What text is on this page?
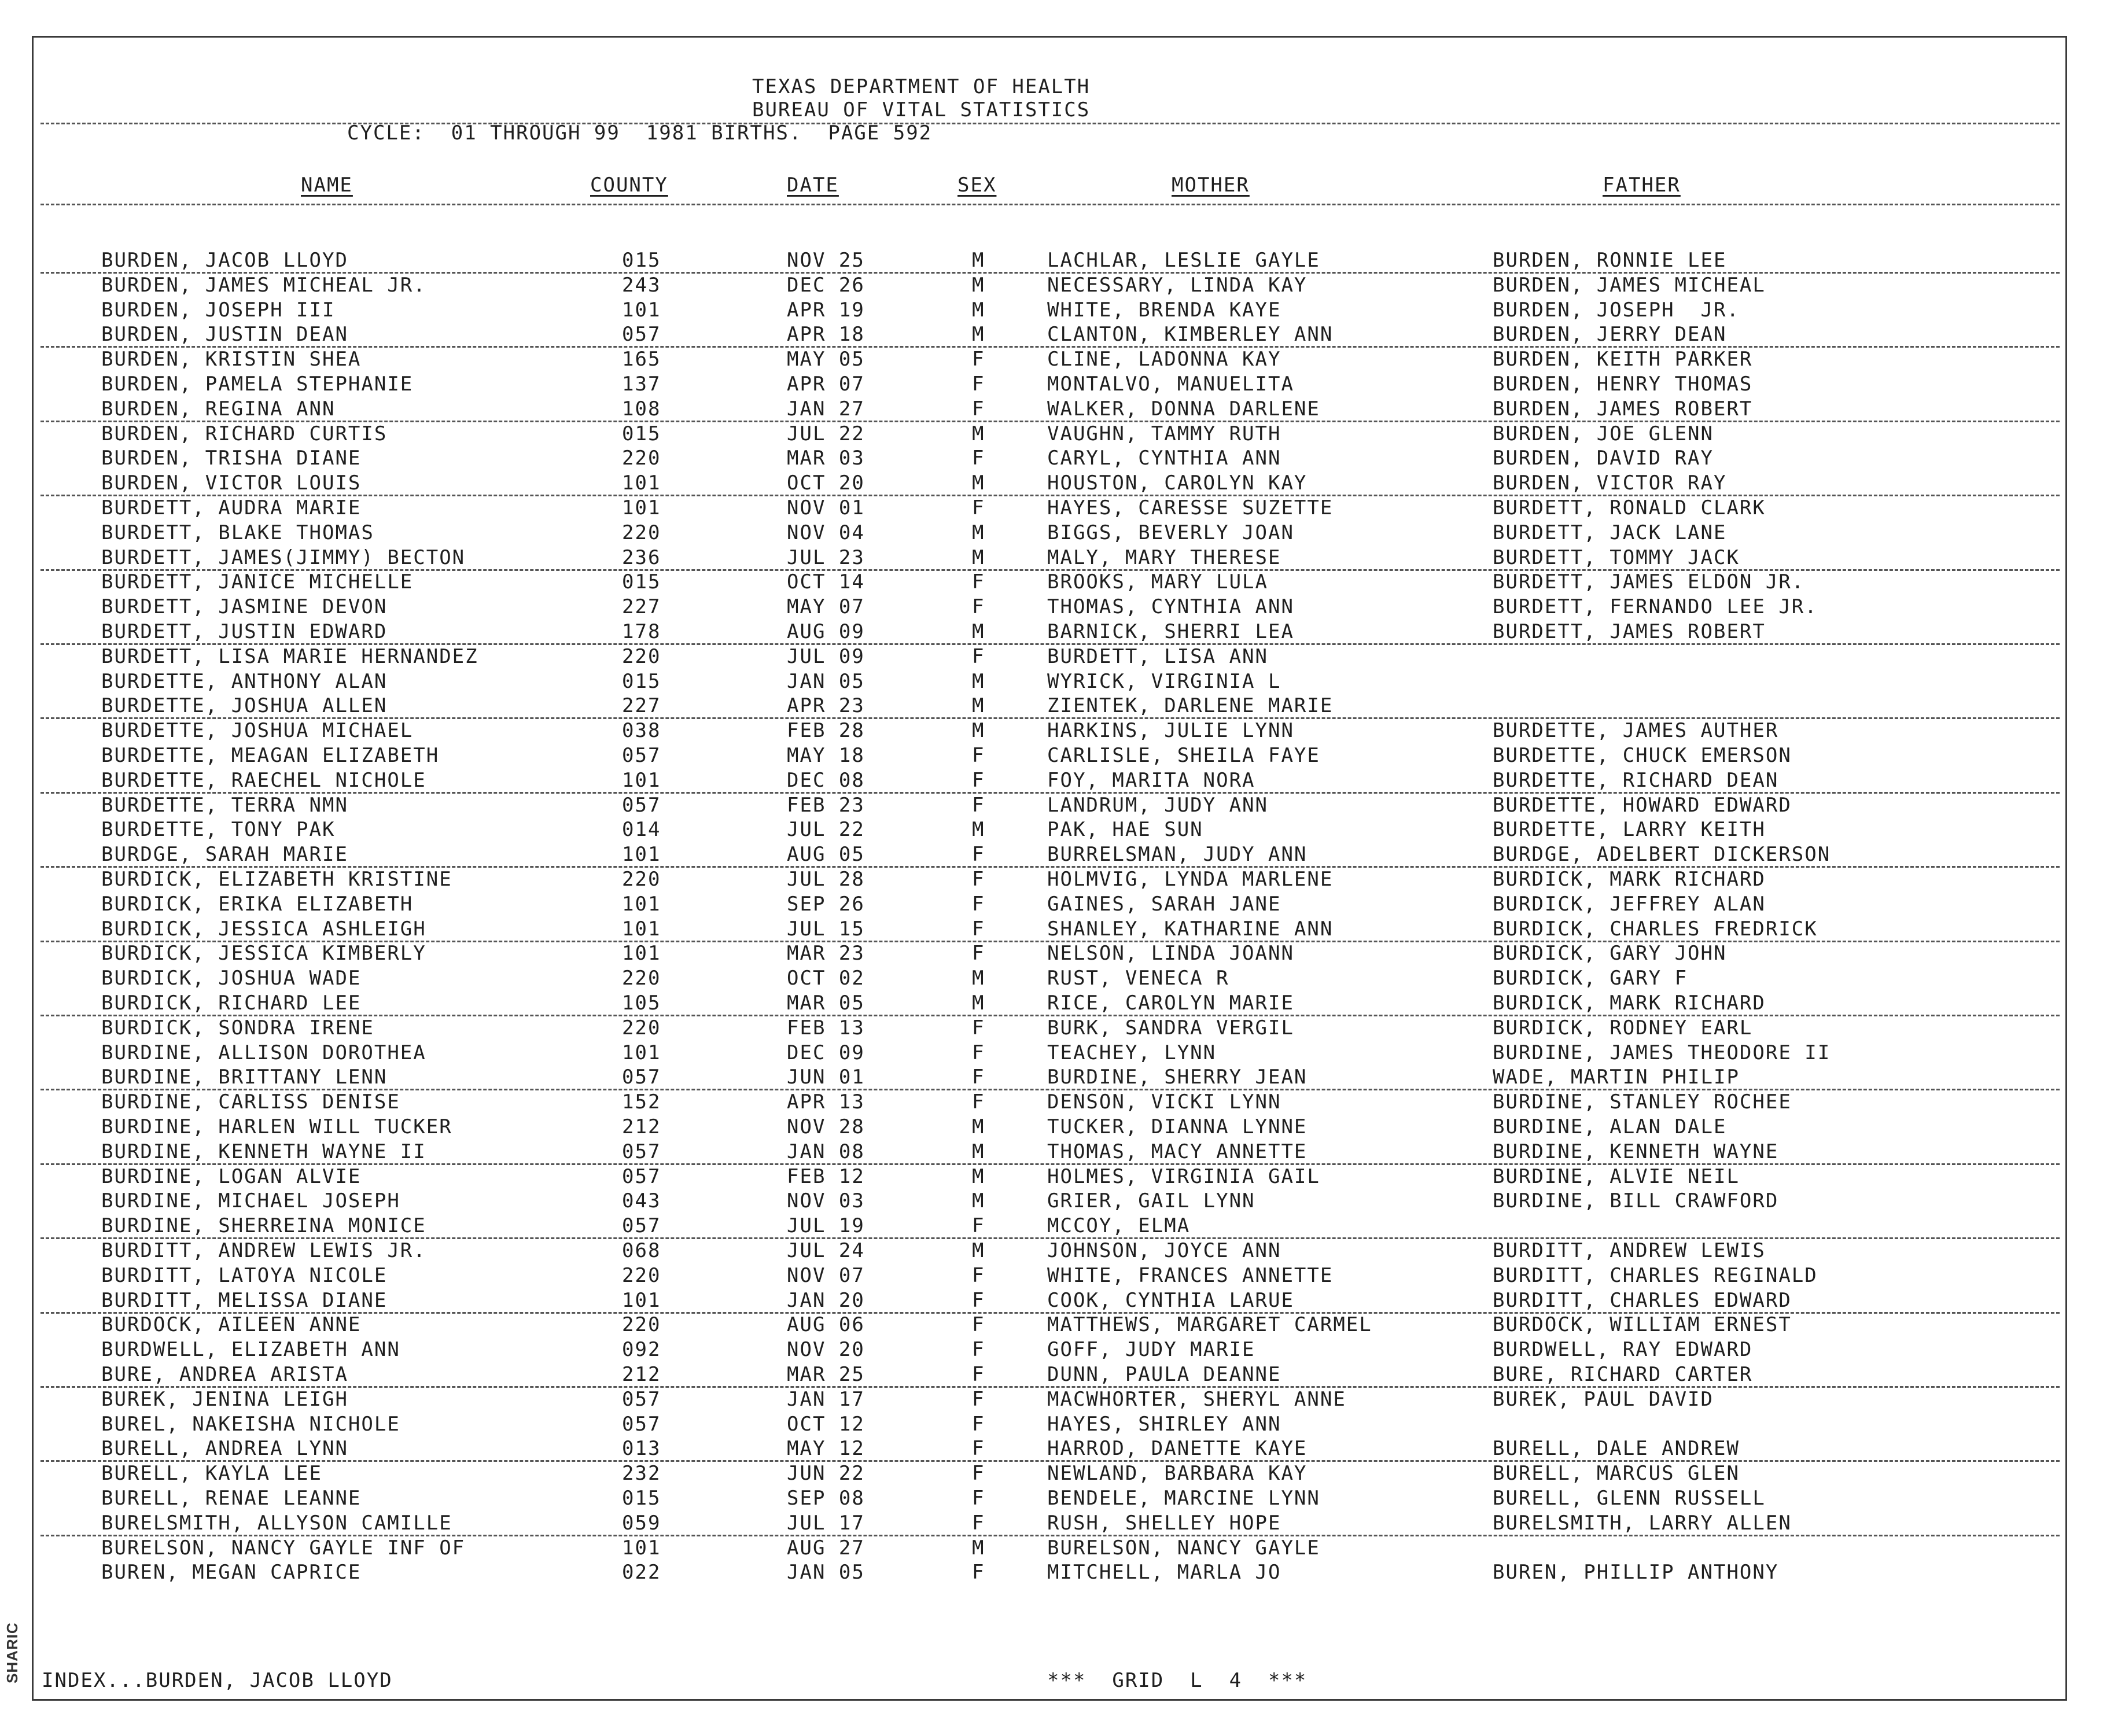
SHARIC
TEXAS DEPARTMENT OF HEALTH
BUREAU OF VITAL STATISTICS
CYCLE:  01 THROUGH 99  1981 BIRTHS.  PAGE 592
NAME	COUNTY	DATE	SEX	MOTHER	FATHER
BURDEN, JACOB LLOYD	015	NOV 25	M	LACHLAR, LESLIE GAYLE	BURDEN, RONNIE LEE
BURDEN, JAMES MICHEAL JR.	243	DEC 26	M	NECESSARY, LINDA KAY	BURDEN, JAMES MICHEAL
BURDEN, JOSEPH III	101	APR 19	M	WHITE, BRENDA KAYE	BURDEN, JOSEPH  JR.
BURDEN, JUSTIN DEAN	057	APR 18	M	CLANTON, KIMBERLEY ANN	BURDEN, JERRY DEAN
BURDEN, KRISTIN SHEA	165	MAY 05	F	CLINE, LADONNA KAY	BURDEN, KEITH PARKER
BURDEN, PAMELA STEPHANIE	137	APR 07	F	MONTALVO, MANUELITA	BURDEN, HENRY THOMAS
BURDEN, REGINA ANN	108	JAN 27	F	WALKER, DONNA DARLENE	BURDEN, JAMES ROBERT
BURDEN, RICHARD CURTIS	015	JUL 22	M	VAUGHN, TAMMY RUTH	BURDEN, JOE GLENN
BURDEN, TRISHA DIANE	220	MAR 03	F	CARYL, CYNTHIA ANN	BURDEN, DAVID RAY
BURDEN, VICTOR LOUIS	101	OCT 20	M	HOUSTON, CAROLYN KAY	BURDEN, VICTOR RAY
BURDETT, AUDRA MARIE	101	NOV 01	F	HAYES, CARESSE SUZETTE	BURDETT, RONALD CLARK
BURDETT, BLAKE THOMAS	220	NOV 04	M	BIGGS, BEVERLY JOAN	BURDETT, JACK LANE
BURDETT, JAMES(JIMMY) BECTON	236	JUL 23	M	MALY, MARY THERESE	BURDETT, TOMMY JACK
BURDETT, JANICE MICHELLE	015	OCT 14	F	BROOKS, MARY LULA	BURDETT, JAMES ELDON JR.
BURDETT, JASMINE DEVON	227	MAY 07	F	THOMAS, CYNTHIA ANN	BURDETT, FERNANDO LEE JR.
BURDETT, JUSTIN EDWARD	178	AUG 09	M	BARNICK, SHERRI LEA	BURDETT, JAMES ROBERT
BURDETT, LISA MARIE HERNANDEZ	220	JUL 09	F	BURDETT, LISA ANN
BURDETTE, ANTHONY ALAN	015	JAN 05	M	WYRICK, VIRGINIA L
BURDETTE, JOSHUA ALLEN	227	APR 23	M	ZIENTEK, DARLENE MARIE
BURDETTE, JOSHUA MICHAEL	038	FEB 28	M	HARKINS, JULIE LYNN	BURDETTE, JAMES AUTHER
BURDETTE, MEAGAN ELIZABETH	057	MAY 18	F	CARLISLE, SHEILA FAYE	BURDETTE, CHUCK EMERSON
BURDETTE, RAECHEL NICHOLE	101	DEC 08	F	FOY, MARITA NORA	BURDETTE, RICHARD DEAN
BURDETTE, TERRA NMN	057	FEB 23	F	LANDRUM, JUDY ANN	BURDETTE, HOWARD EDWARD
BURDETTE, TONY PAK	014	JUL 22	M	PAK, HAE SUN	BURDETTE, LARRY KEITH
BURDGE, SARAH MARIE	101	AUG 05	F	BURRELSMAN, JUDY ANN	BURDGE, ADELBERT DICKERSON
BURDICK, ELIZABETH KRISTINE	220	JUL 28	F	HOLMVIG, LYNDA MARLENE	BURDICK, MARK RICHARD
BURDICK, ERIKA ELIZABETH	101	SEP 26	F	GAINES, SARAH JANE	BURDICK, JEFFREY ALAN
BURDICK, JESSICA ASHLEIGH	101	JUL 15	F	SHANLEY, KATHARINE ANN	BURDICK, CHARLES FREDRICK
BURDICK, JESSICA KIMBERLY	101	MAR 23	F	NELSON, LINDA JOANN	BURDICK, GARY JOHN
BURDICK, JOSHUA WADE	220	OCT 02	M	RUST, VENECA R	BURDICK, GARY F
BURDICK, RICHARD LEE	105	MAR 05	M	RICE, CAROLYN MARIE	BURDICK, MARK RICHARD
BURDICK, SONDRA IRENE	220	FEB 13	F	BURK, SANDRA VERGIL	BURDICK, RODNEY EARL
BURDINE, ALLISON DOROTHEA	101	DEC 09	F	TEACHEY, LYNN	BURDINE, JAMES THEODORE II
BURDINE, BRITTANY LENN	057	JUN 01	F	BURDINE, SHERRY JEAN	WADE, MARTIN PHILIP
BURDINE, CARLISS DENISE	152	APR 13	F	DENSON, VICKI LYNN	BURDINE, STANLEY ROCHEE
BURDINE, HARLEN WILL TUCKER	212	NOV 28	M	TUCKER, DIANNA LYNNE	BURDINE, ALAN DALE
BURDINE, KENNETH WAYNE II	057	JAN 08	M	THOMAS, MACY ANNETTE	BURDINE, KENNETH WAYNE
BURDINE, LOGAN ALVIE	057	FEB 12	M	HOLMES, VIRGINIA GAIL	BURDINE, ALVIE NEIL
BURDINE, MICHAEL JOSEPH	043	NOV 03	M	GRIER, GAIL LYNN	BURDINE, BILL CRAWFORD
BURDINE, SHERREINA MONICE	057	JUL 19	F	MCCOY, ELMA
BURDITT, ANDREW LEWIS JR.	068	JUL 24	M	JOHNSON, JOYCE ANN	BURDITT, ANDREW LEWIS
BURDITT, LATOYA NICOLE	220	NOV 07	F	WHITE, FRANCES ANNETTE	BURDITT, CHARLES REGINALD
BURDITT, MELISSA DIANE	101	JAN 20	F	COOK, CYNTHIA LARUE	BURDITT, CHARLES EDWARD
BURDOCK, AILEEN ANNE	220	AUG 06	F	MATTHEWS, MARGARET CARMEL	BURDOCK, WILLIAM ERNEST
BURDWELL, ELIZABETH ANN	092	NOV 20	F	GOFF, JUDY MARIE	BURDWELL, RAY EDWARD
BURE, ANDREA ARISTA	212	MAR 25	F	DUNN, PAULA DEANNE	BURE, RICHARD CARTER
BUREK, JENINA LEIGH	057	JAN 17	F	MACWHORTER, SHERYL ANNE	BUREK, PAUL DAVID
BUREL, NAKEISHA NICHOLE	057	OCT 12	F	HAYES, SHIRLEY ANN
BURELL, ANDREA LYNN	013	MAY 12	F	HARROD, DANETTE KAYE	BURELL, DALE ANDREW
BURELL, KAYLA LEE	232	JUN 22	F	NEWLAND, BARBARA KAY	BURELL, MARCUS GLEN
BURELL, RENAE LEANNE	015	SEP 08	F	BENDELE, MARCINE LYNN	BURELL, GLENN RUSSELL
BURELSMITH, ALLYSON CAMILLE	059	JUL 17	F	RUSH, SHELLEY HOPE	BURELSMITH, LARRY ALLEN
BURELSON, NANCY GAYLE INF OF	101	AUG 27	M	BURELSON, NANCY GAYLE
BUREN, MEGAN CAPRICE	022	JAN 05	F	MITCHELL, MARLA JO	BUREN, PHILLIP ANTHONY
INDEX...BURDEN, JACOB LLOYD	***  GRID  L  4  ***
